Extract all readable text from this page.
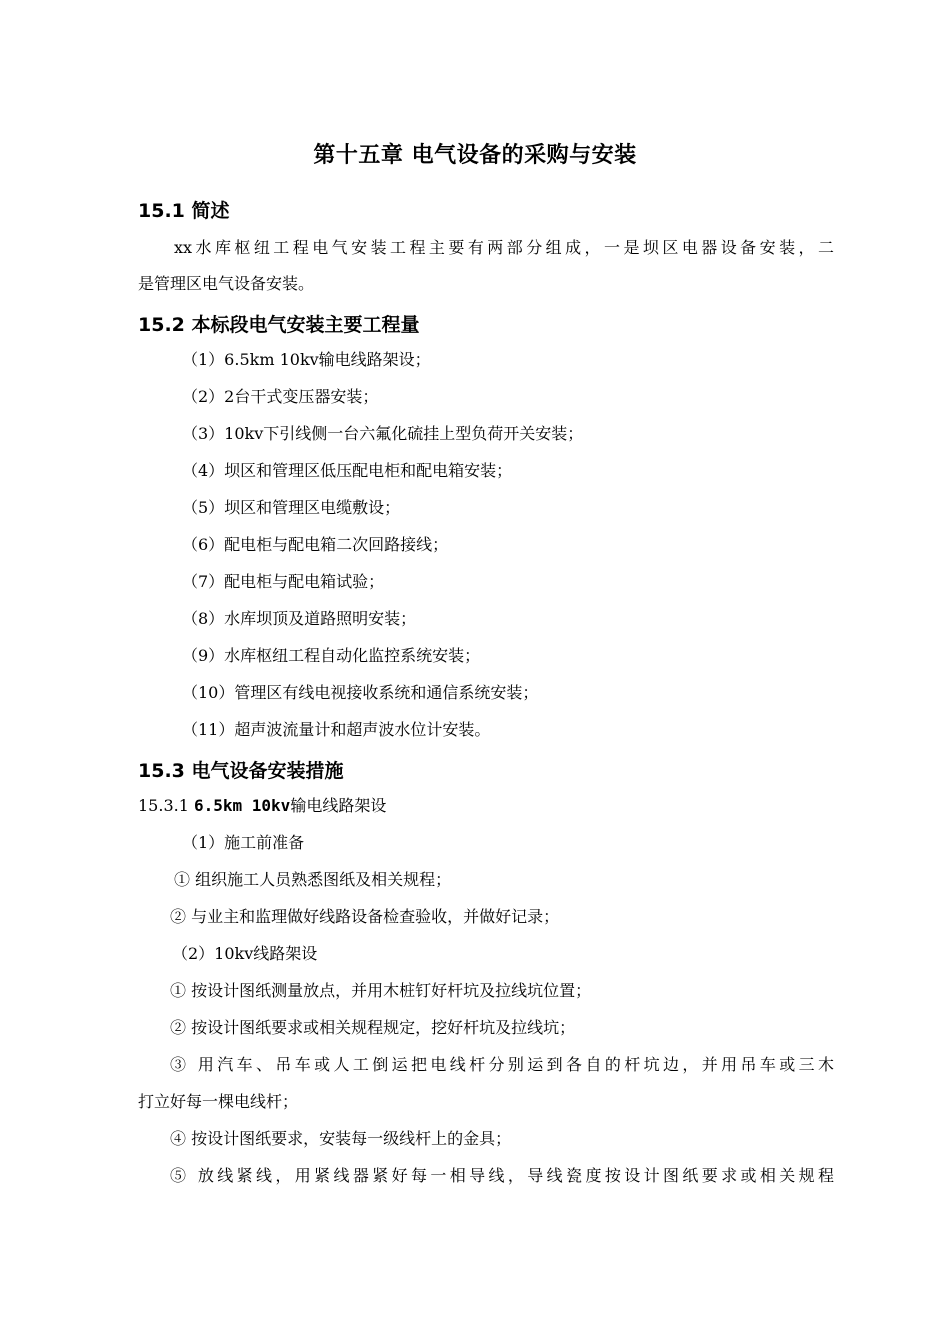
第十五章 电气设备的采购与安装
15.1 简述
xx水库枢纽工程电气安装工程主要有两部分组成，一是坝区电器设备安装，二
是管理区电气设备安装。
15.2 本标段电气安装主要工程量
（1）6.5km 10kv输电线路架设；
（2）2台干式变压器安装；
（3）10kv下引线侧一台六氟化硫挂上型负荷开关安装；
（4）坝区和管理区低压配电柜和配电箱安装；
（5）坝区和管理区电缆敷设；
（6）配电柜与配电箱二次回路接线；
（7）配电柜与配电箱试验；
（8）水库坝顶及道路照明安装；
（9）水库枢纽工程自动化监控系统安装；
（10）管理区有线电视接收系统和通信系统安装；
（11）超声波流量计和超声波水位计安装。
15.3 电气设备安装措施
15.3.1 6.5km 10kv输电线路架设
（1）施工前准备
① 组织施工人员熟悉图纸及相关规程；
② 与业主和监理做好线路设备检查验收，并做好记录；
（2）10kv线路架设
① 按设计图纸测量放点，并用木桩钉好杆坑及拉线坑位置；
② 按设计图纸要求或相关规程规定，挖好杆坑及拉线坑；
③ 用汽车、吊车或人工倒运把电线杆分别运到各自的杆坑边，并用吊车或三木
打立好每一棵电线杆；
④ 按设计图纸要求，安装每一级线杆上的金具；
⑤ 放线紧线，用紧线器紧好每一相导线，导线瓷度按设计图纸要求或相关规程
